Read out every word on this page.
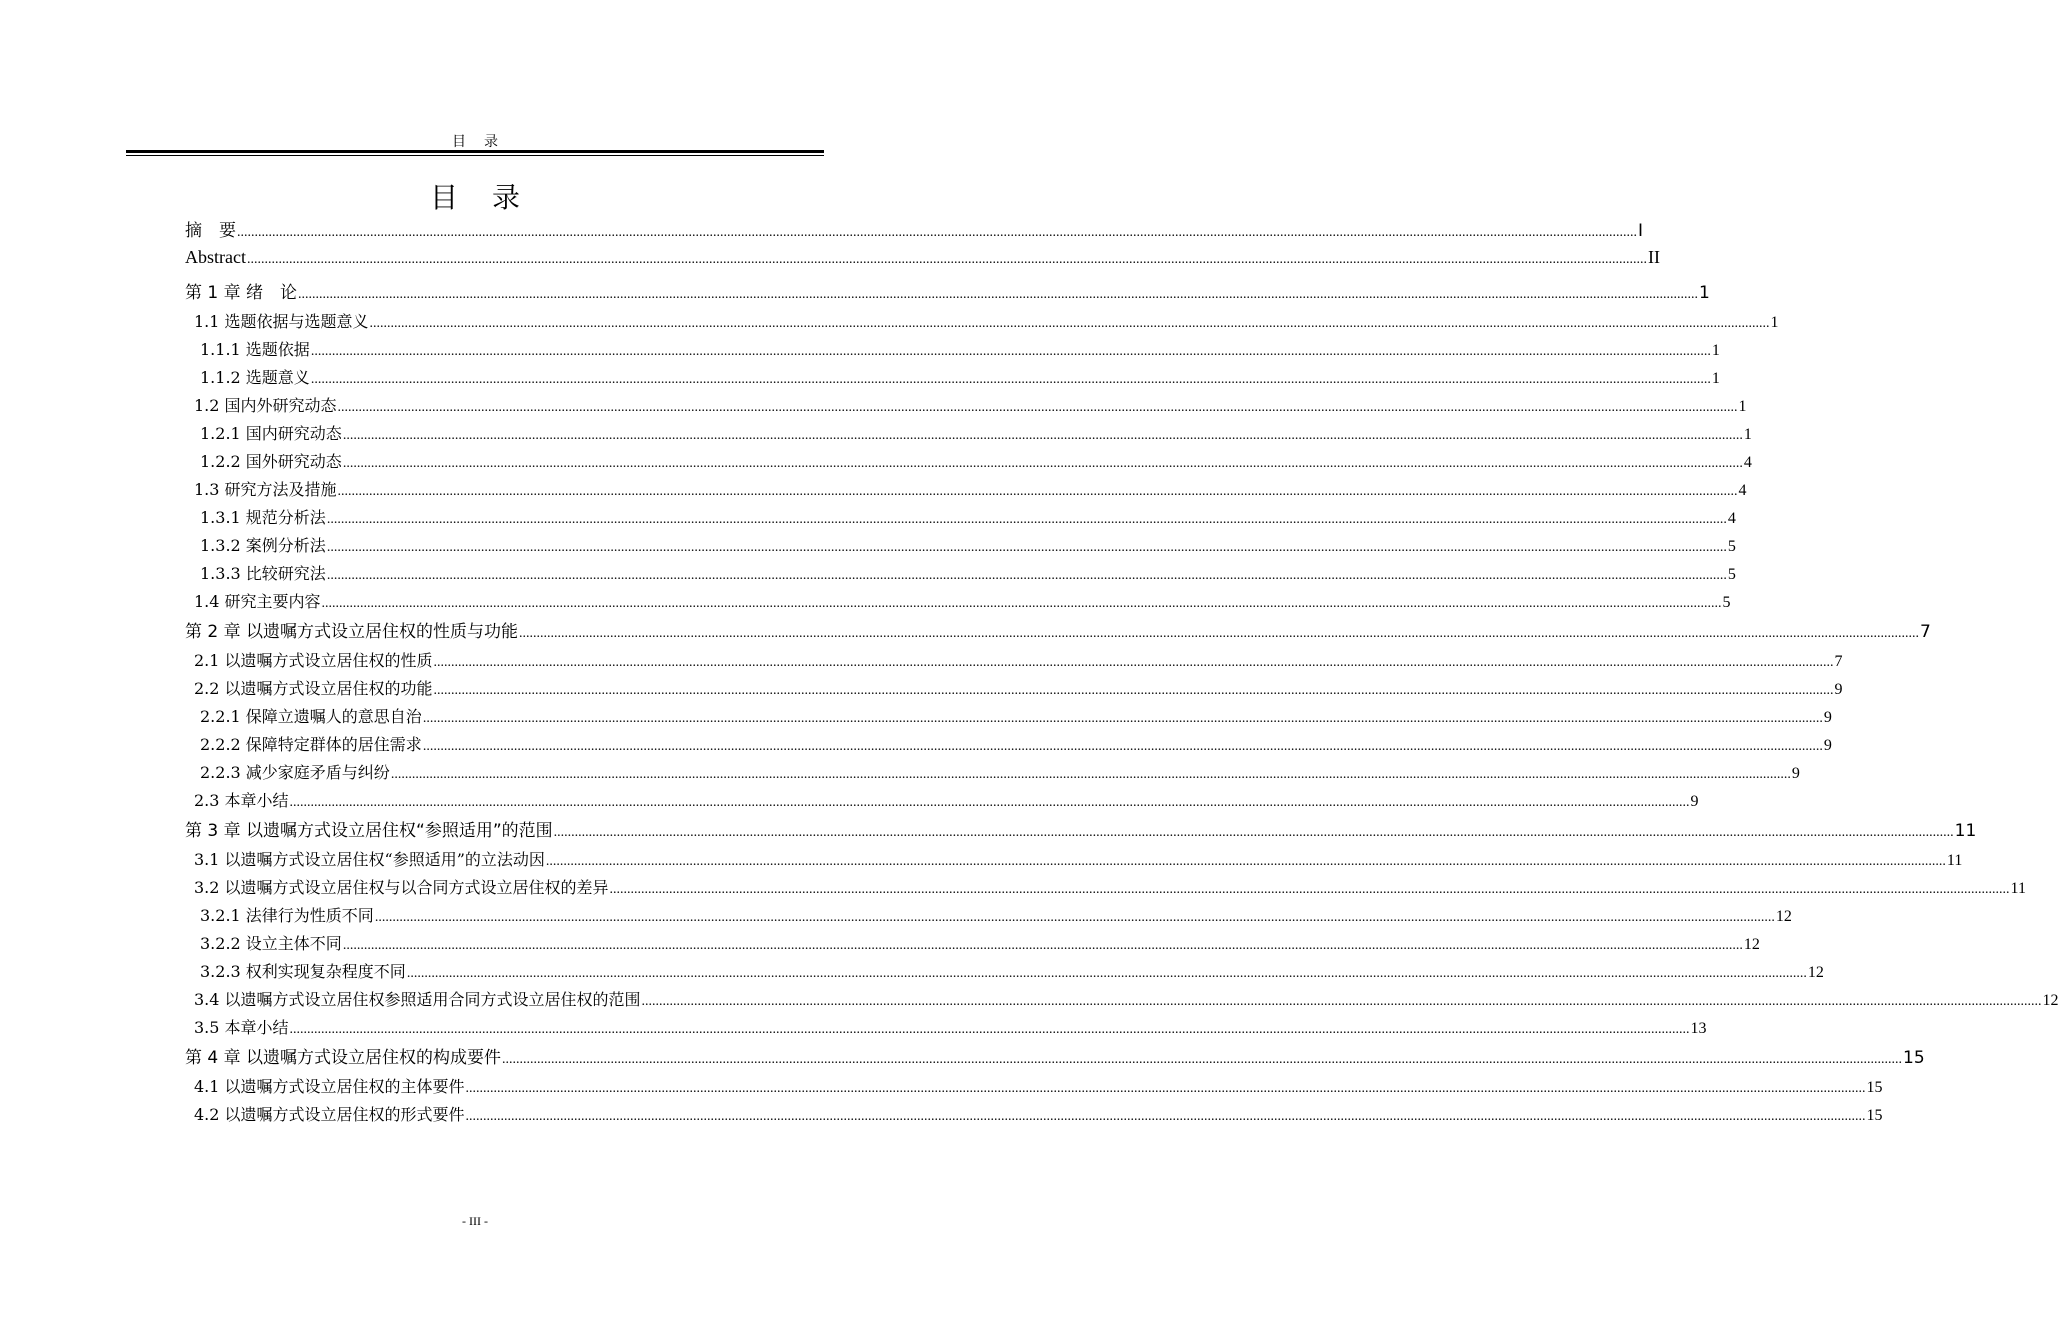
目录
目录
摘　要 ................................................................................................................................................................................................................................................................................................................................................................................................................ I
Abstract ................................................................................................................................................................................................................................................................................................................................................................................................................ II
第 1 章 绪　论 ................................................................................................................................................................................................................................................................................................................................................................................................................ 1
1.1 选题依据与选题意义 ................................................................................................................................................................................................................................................................................................................................................................................................................ 1
1.1.1 选题依据 ................................................................................................................................................................................................................................................................................................................................................................................................................ 1
1.1.2 选题意义 ................................................................................................................................................................................................................................................................................................................................................................................................................ 1
1.2 国内外研究动态 ................................................................................................................................................................................................................................................................................................................................................................................................................ 1
1.2.1 国内研究动态 ................................................................................................................................................................................................................................................................................................................................................................................................................ 1
1.2.2 国外研究动态 ................................................................................................................................................................................................................................................................................................................................................................................................................ 4
1.3 研究方法及措施 ................................................................................................................................................................................................................................................................................................................................................................................................................ 4
1.3.1 规范分析法 ................................................................................................................................................................................................................................................................................................................................................................................................................ 4
1.3.2 案例分析法 ................................................................................................................................................................................................................................................................................................................................................................................................................ 5
1.3.3 比较研究法 ................................................................................................................................................................................................................................................................................................................................................................................................................ 5
1.4 研究主要内容 ................................................................................................................................................................................................................................................................................................................................................................................................................ 5
第 2 章 以遗嘱方式设立居住权的性质与功能 ................................................................................................................................................................................................................................................................................................................................................................................................................ 7
2.1 以遗嘱方式设立居住权的性质 ................................................................................................................................................................................................................................................................................................................................................................................................................ 7
2.2 以遗嘱方式设立居住权的功能 ................................................................................................................................................................................................................................................................................................................................................................................................................ 9
2.2.1 保障立遗嘱人的意思自治 ................................................................................................................................................................................................................................................................................................................................................................................................................ 9
2.2.2 保障特定群体的居住需求 ................................................................................................................................................................................................................................................................................................................................................................................................................ 9
2.2.3 减少家庭矛盾与纠纷 ................................................................................................................................................................................................................................................................................................................................................................................................................ 9
2.3 本章小结 ................................................................................................................................................................................................................................................................................................................................................................................................................ 9
第 3 章 以遗嘱方式设立居住权“参照适用”的范围 ................................................................................................................................................................................................................................................................................................................................................................................................................ 11
3.1 以遗嘱方式设立居住权“参照适用”的立法动因 ................................................................................................................................................................................................................................................................................................................................................................................................................ 11
3.2 以遗嘱方式设立居住权与以合同方式设立居住权的差异 ................................................................................................................................................................................................................................................................................................................................................................................................................ 11
3.2.1 法律行为性质不同 ................................................................................................................................................................................................................................................................................................................................................................................................................ 12
3.2.2 设立主体不同 ................................................................................................................................................................................................................................................................................................................................................................................................................ 12
3.2.3 权利实现复杂程度不同 ................................................................................................................................................................................................................................................................................................................................................................................................................ 12
3.4 以遗嘱方式设立居住权参照适用合同方式设立居住权的范围 ................................................................................................................................................................................................................................................................................................................................................................................................................ 12
3.5 本章小结 ................................................................................................................................................................................................................................................................................................................................................................................................................ 13
第 4 章 以遗嘱方式设立居住权的构成要件 ................................................................................................................................................................................................................................................................................................................................................................................................................ 15
4.1 以遗嘱方式设立居住权的主体要件 ................................................................................................................................................................................................................................................................................................................................................................................................................ 15
4.2 以遗嘱方式设立居住权的形式要件 ................................................................................................................................................................................................................................................................................................................................................................................................................ 15
- III -
